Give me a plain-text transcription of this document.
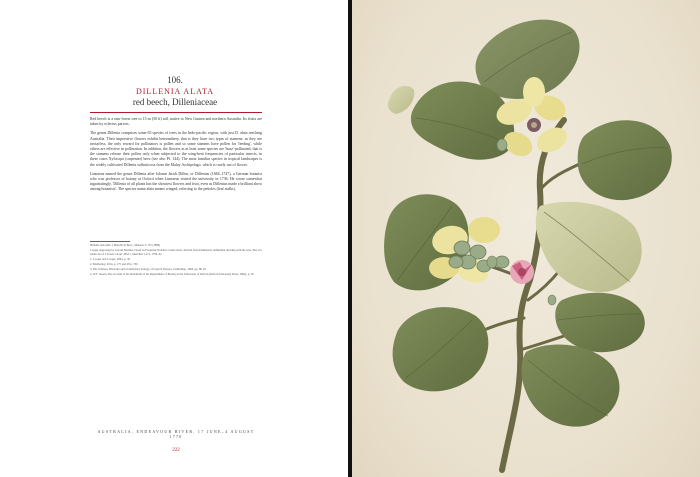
106.
DILLENIA ALATA
red beech, Dilleniaceae

Red beech is a rain-forest tree to 15 m (50 ft) tall, native to New Guinea and northern Australia. Its fruits are taken by eclectus parrots.

The genus Dillenia comprises some 65 species of trees in the Indo-pacific region, with just D. alata reaching Australia. Their impressive flowers exhibit heteranthery, that is they have two types of stamens: as they are nectarless, the only reward for pollinators is pollen and so some stamens have pollen for 'feeding', while others are effective in pollination. In addition, the flowers in at least some species are 'buzz'-pollinated, that is the stamens release their pollen only when subjected to the wing-beat frequencies of particular insects, in these cases Xylocopa (carpenter) bees (see also Pl. 144). The most familiar species in tropical landscapes is the widely cultivated Dillenia suffruticosa from the Malay Archipelago, which is rarely out of flower.

Linnaeus named the genus Dillenia after Johann Jacob Dillen, or Dillenius (1684–1747), a German botanist who was professor of botany at Oxford when Linnaeus visited the university in 1736. He wrote somewhat ingratiatingly, 'Dillenia of all plants has the showiest flowers and fruit, even as Dillenius made a brilliant show among botanists'. The species name alata means winged, referring to the petioles (leaf stalks).

Dillenia alata (DC.) Martelli in Becc., Malesia 3: 157 (1886)

Copper engraving by Gerald Sibelius, based on Frederick Nodder's watercolour, derived from Parkinson's unfinished drawing with the note 'The old stalks are of a brown colour', BM 1, Sketched 1 at 4, 1794, 62

1. Cooper and Cooper, 2004, p. 39

2. Mabberley, 2014, p. 175 and 28 p. 706

3. P.K. Endress, Diversity and evolutionary biology of tropical flowers, Cambridge, 1994, pp. 80–81

4. W.T. Stearn, The account of the herbarium of the Department of Botany in the University of Oxford (Oxford University Press, 1962), p. 29

AUSTRALIA, ENDEAVOUR RIVER, 17 JUNE–4 AUGUST 1770
222
